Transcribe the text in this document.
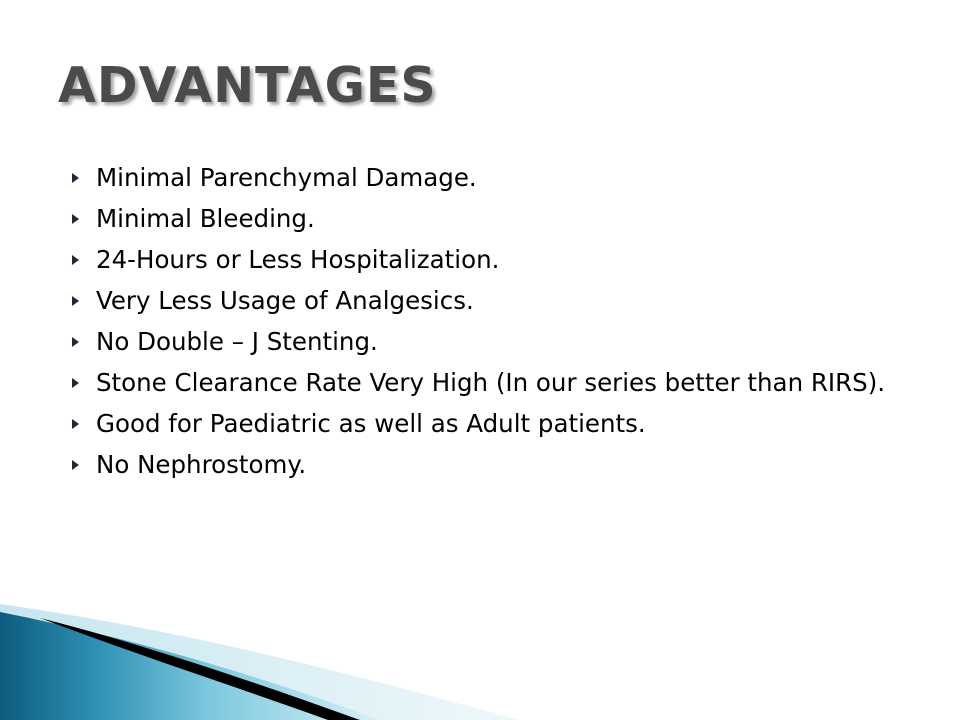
ADVANTAGES
Minimal Parenchymal Damage.
Minimal Bleeding.
24-Hours or Less Hospitalization.
Very Less Usage of Analgesics.
No Double – J Stenting.
Stone Clearance Rate Very High (In our series better than RIRS).
Good for Paediatric as well as Adult patients.
No Nephrostomy.
